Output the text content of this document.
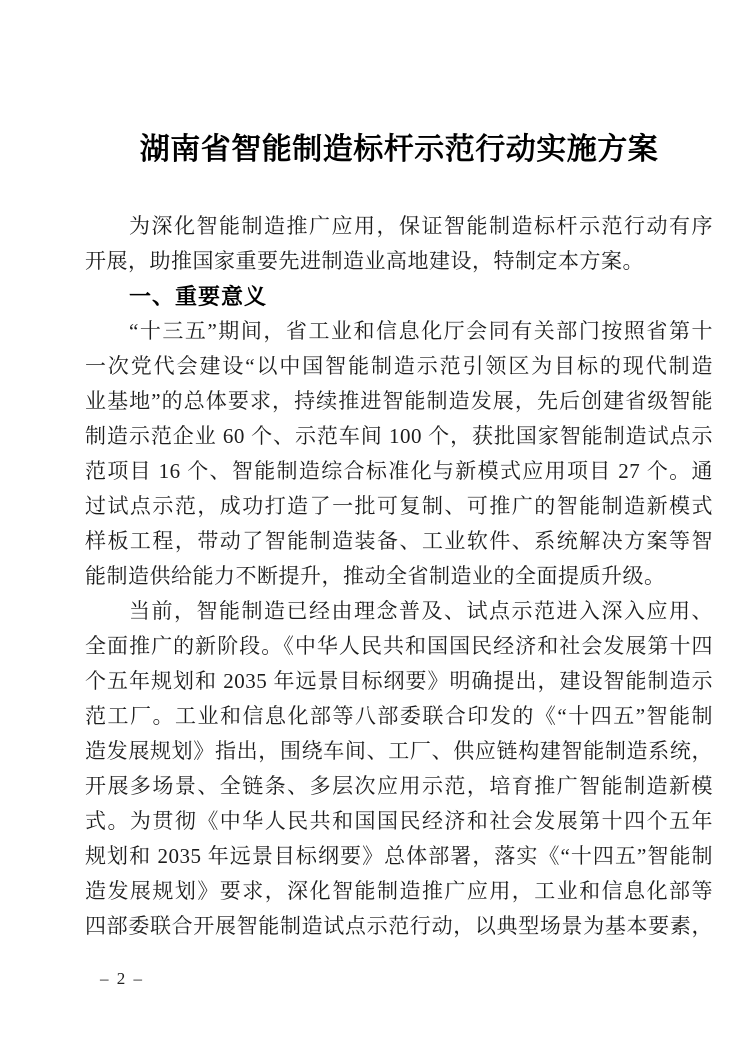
湖南省智能制造标杆示范行动实施方案
为深化智能制造推广应用，保证智能制造标杆示范行动有序
开展，助推国家重要先进制造业高地建设，特制定本方案。
一、重要意义
“十三五”期间，省工业和信息化厅会同有关部门按照省第十
一次党代会建设“以中国智能制造示范引领区为目标的现代制造
业基地”的总体要求，持续推进智能制造发展，先后创建省级智能
制造示范企业 60 个、示范车间 100 个，获批国家智能制造试点示
范项目 16 个、智能制造综合标准化与新模式应用项目 27 个。通
过试点示范，成功打造了一批可复制、可推广的智能制造新模式
样板工程，带动了智能制造装备、工业软件、系统解决方案等智
能制造供给能力不断提升，推动全省制造业的全面提质升级。
当前，智能制造已经由理念普及、试点示范进入深入应用、
全面推广的新阶段。《中华人民共和国国民经济和社会发展第十四
个五年规划和 2035 年远景目标纲要》明确提出，建设智能制造示
范工厂。工业和信息化部等八部委联合印发的《“十四五”智能制
造发展规划》指出，围绕车间、工厂、供应链构建智能制造系统，
开展多场景、全链条、多层次应用示范，培育推广智能制造新模
式。为贯彻《中华人民共和国国民经济和社会发展第十四个五年
规划和 2035 年远景目标纲要》总体部署，落实《“十四五”智能制
造发展规划》要求，深化智能制造推广应用，工业和信息化部等
四部委联合开展智能制造试点示范行动，以典型场景为基本要素，
– 2 –
